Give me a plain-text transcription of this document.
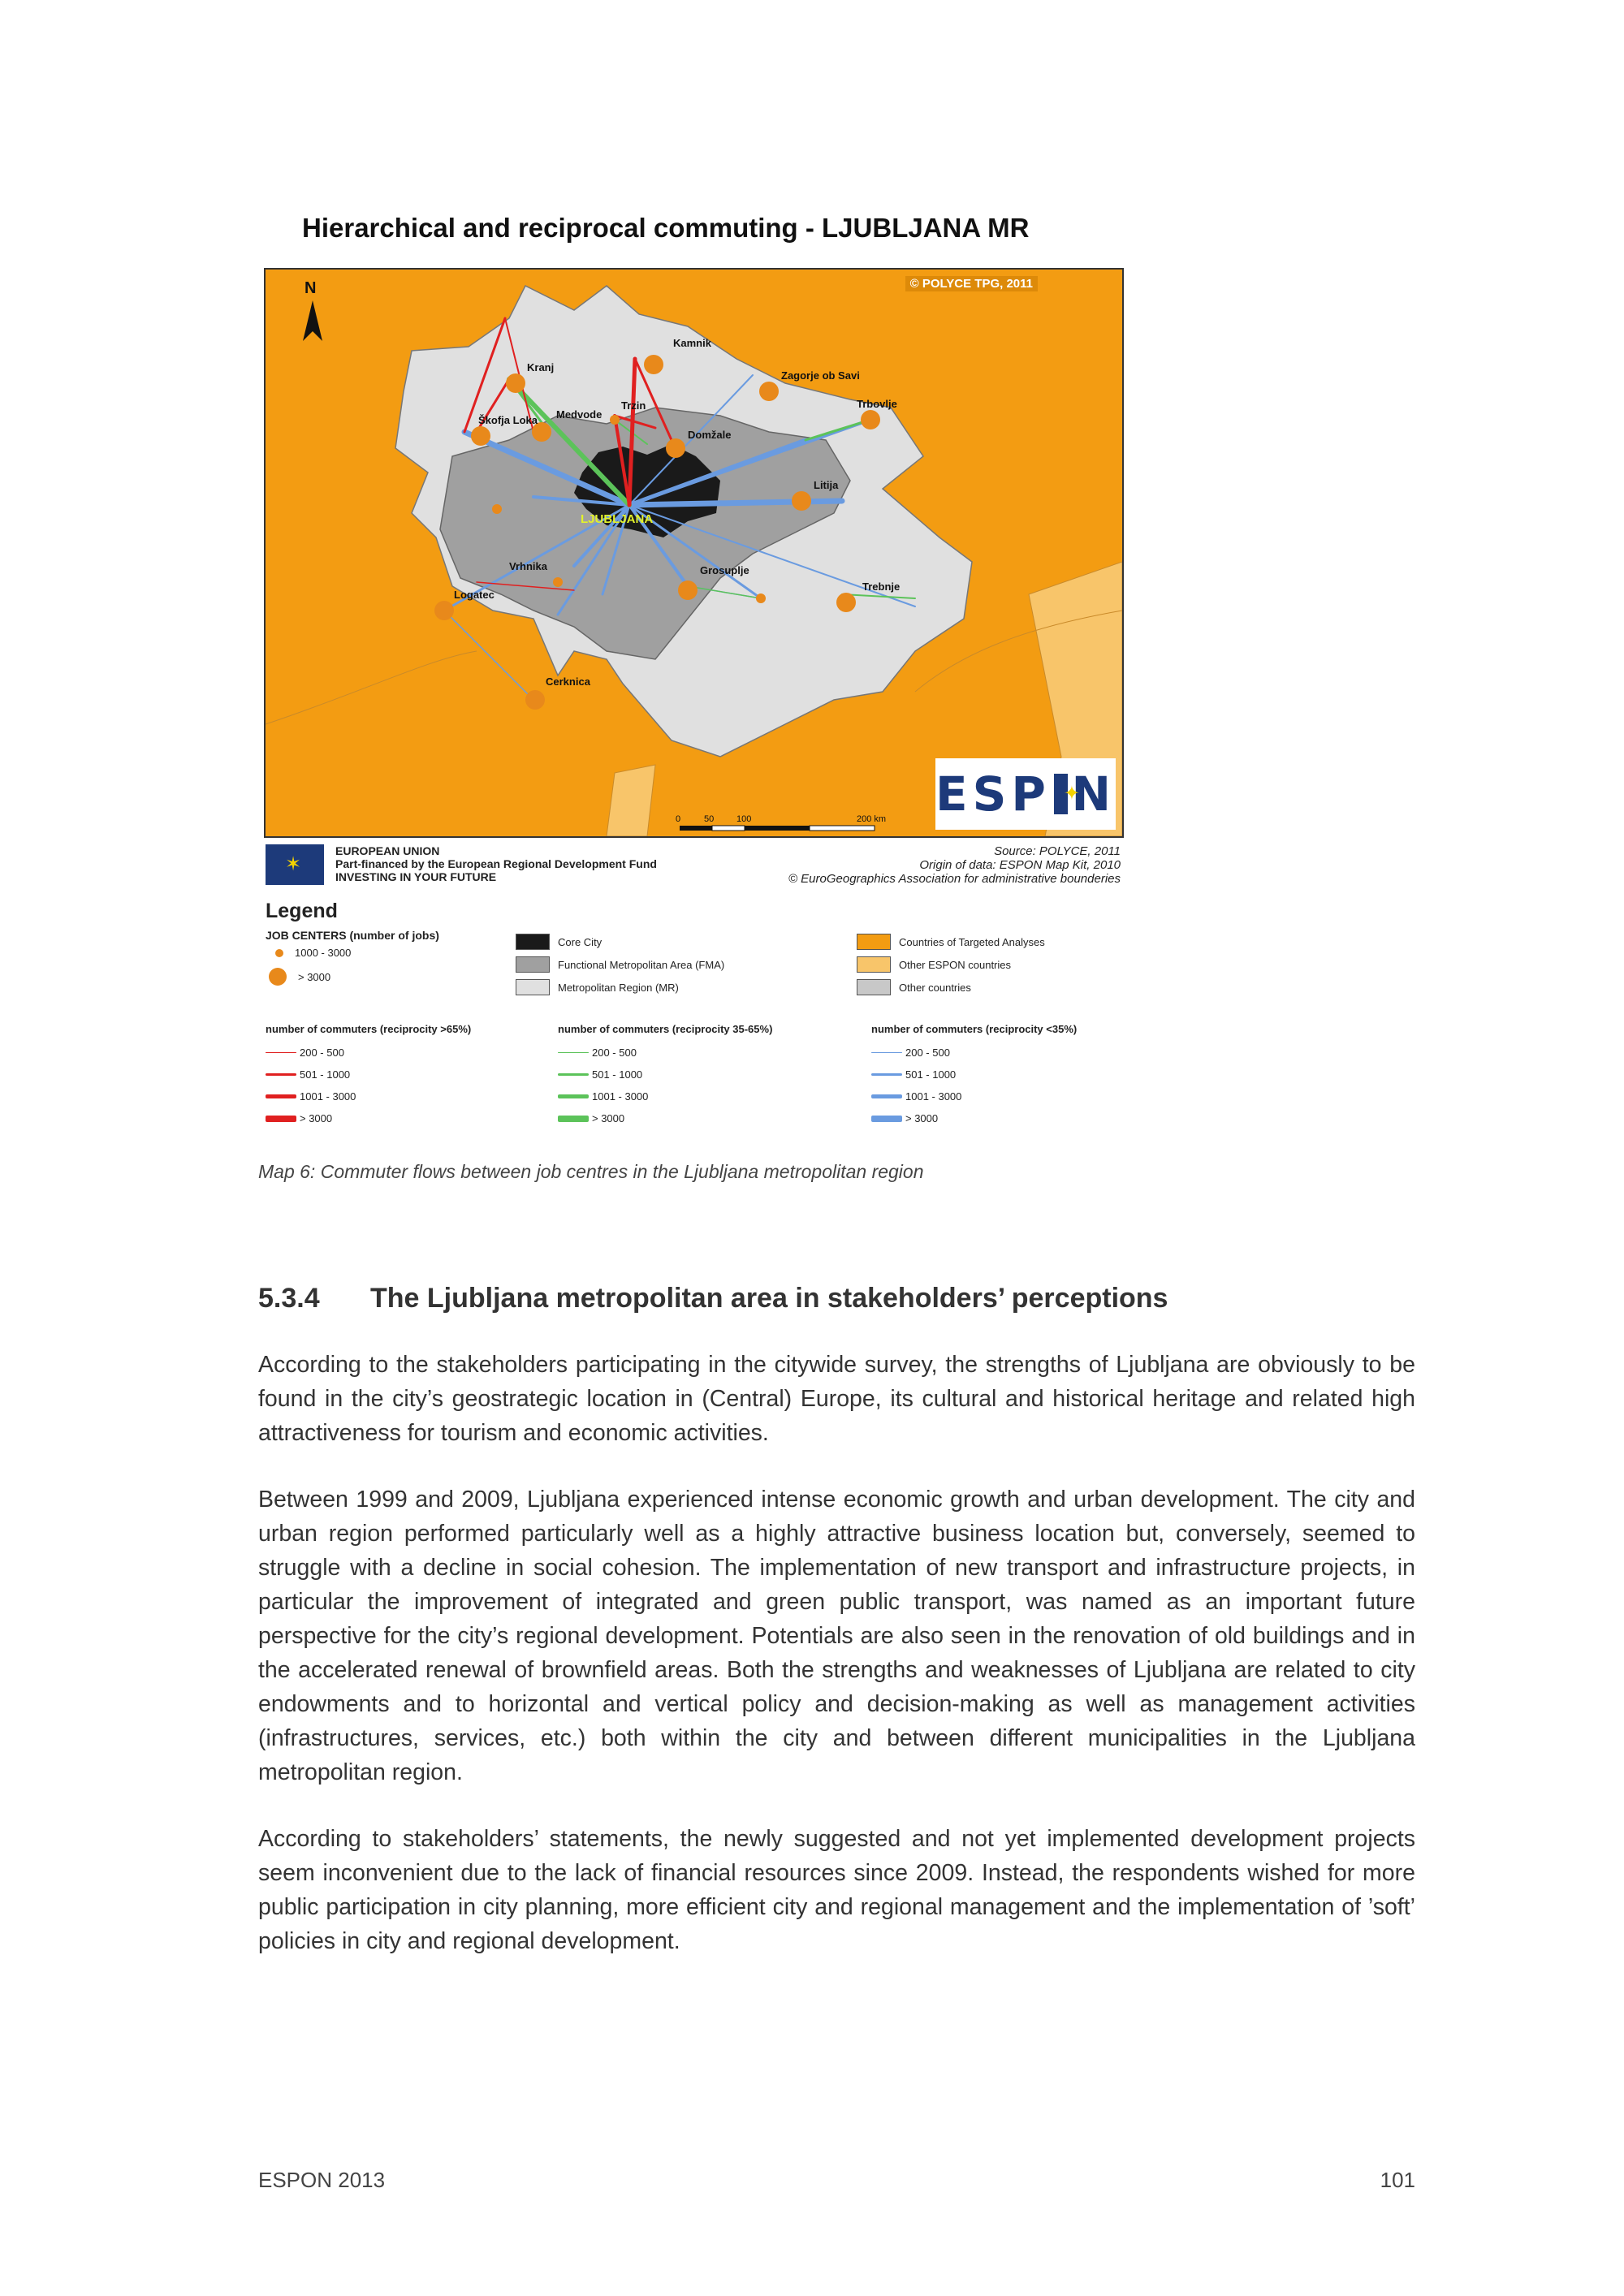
Hierarchical and reciprocal commuting - LJUBLJANA MR
Kranj
Kamnik
Zagorje ob Savi
Trbovlje
Škofja Loka Medvode
Trzin
Domžale
Litija
Vrhnika
Logatec
Grosuplje
Trebnje
Cerknica
LJUBLJANA
0	50	100	200 km
© POLYCE TPG, 2011
N
ESP
✦ N
✶
EUROPEAN UNION
Part-financed by the European Regional Development Fund
INVESTING IN YOUR FUTURE
Source: POLYCE, 2011
Origin of data: ESPON Map Kit, 2010
© EuroGeographics Association for administrative bounderies
Legend
JOB CENTERS (number of jobs)
1000 - 3000
> 3000
Core City
Functional Metropolitan Area (FMA)
Metropolitan Region (MR)
Countries of Targeted Analyses
Other ESPON countries
Other countries
number of commuters (reciprocity >65%)
200 - 500
501 - 1000
1001 - 3000
> 3000
number of commuters (reciprocity 35-65%)
200 - 500
501 - 1000
1001 - 3000
> 3000
number of commuters (reciprocity <35%)
200 - 500
501 - 1000
1001 - 3000
> 3000
Map 6: Commuter flows between job centres in the Ljubljana metropolitan region
5.3.4 The Ljubljana metropolitan area in stakeholders’ perceptions

According to the stakeholders participating in the citywide survey, the strengths of Ljubljana are obviously to be found in the city’s geostrategic location in (Central) Europe, its cultural and historical heritage and related high attractiveness for tourism and economic activities.

Between 1999 and 2009, Ljubljana experienced intense economic growth and urban development. The city and urban region performed particularly well as a highly attractive business location but, conversely, seemed to struggle with a decline in social cohesion. The implementation of new transport and infrastructure projects, in particular the improvement of integrated and green public transport, was named as an important future perspective for the city’s regional development. Potentials are also seen in the renovation of old buildings and in the accelerated renewal of brownfield areas. Both the strengths and weaknesses of Ljubljana are related to city endowments and to horizontal and vertical policy and decision-making as well as management activities (infrastructures, services, etc.) both within the city and between different municipalities in the Ljubljana metropolitan region.

According to stakeholders’ statements, the newly suggested and not yet implemented development projects seem inconvenient due to the lack of financial resources since 2009. Instead, the respondents wished for more public participation in city planning, more efficient city and regional management and the implementation of ’soft’ policies in city and regional development.

ESPON 2013	101
